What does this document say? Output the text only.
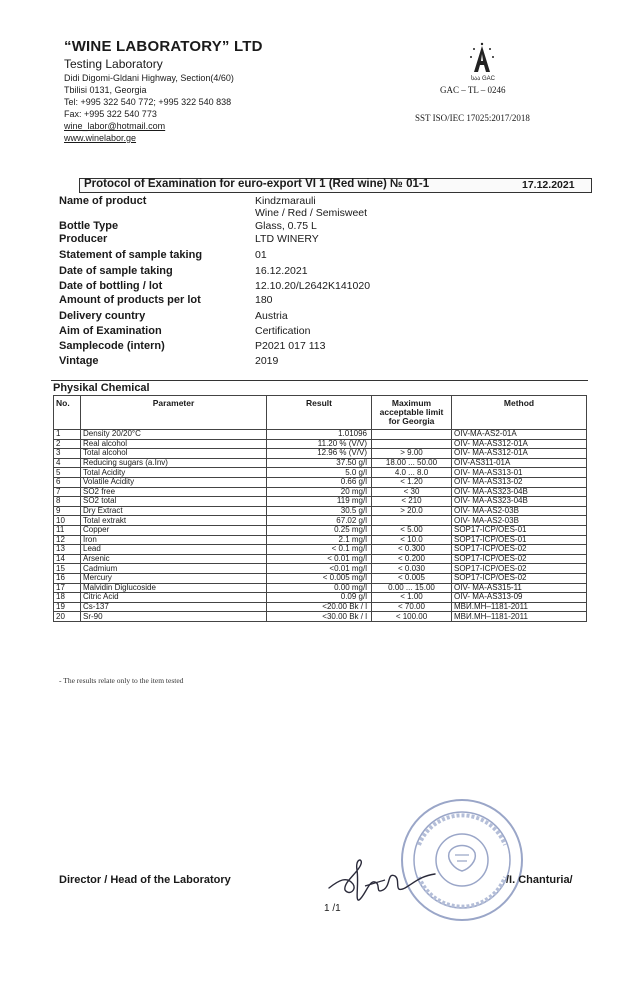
“WINE LABORATORY” LTD
Testing Laboratory
Didi Digomi-Gldani Highway, Section(4/60)
Tbilisi 0131, Georgia
Tel: +995 322 540 772; +995 322 540 838
Fax: +995 322 540 773
wine_labor@hotmail.com
www.winelabor.ge
საა GAC
GAC – TL – 0246
SST ISO/IEC 17025:2017/2018
Protocol of Examination for euro-export VI 1 (Red wine) № 01-1	17.12.2021
Name of product	Kindzmarauli
Wine / Red / Semisweet
Bottle Type	Glass, 0.75 L
Producer	LTD WINERY
Statement of sample taking	01
Date of sample taking	16.12.2021
Date of bottling / lot	12.10.20/L2642K141020
Amount of products per lot	180
Delivery country	Austria
Aim of Examination	Certification
Samplecode (intern)	P2021 017 113
Vintage	2019
Physikal Chemical
No.	Parameter	Result	Maximum acceptable limit for Georgia	Method
1	Density 20/20°C	1.01096		OIV-MA-AS2-01A
2	Real alcohol	11.20 % (V/V)		OIV- MA-AS312-01A
3	Total alcohol	12.96 % (V/V)	> 9.00	OIV- MA-AS312-01A
4	Reducing sugars (a.Inv)	37.50 g/l	18.00 ... 50.00	OIV-AS311-01A
5	Total Acidity	5.0 g/l	4.0 ... 8.0	OIV- MA-AS313-01
6	Volatile Acidity	0.66 g/l	< 1.20	OIV- MA-AS313-02
7	SO2 free	20 mg/l	< 30	OIV- MA-AS323-04B
8	SO2 total	119 mg/l	< 210	OIV- MA-AS323-04B
9	Dry Extract	30.5 g/l	> 20.0	OIV- MA-AS2-03B
10	Total extrakt	67.02 g/l		OIV- MA-AS2-03B
11	Copper	0.25 mg/l	< 5.00	SOP17-ICP/OES-01
12	Iron	2.1 mg/l	< 10.0	SOP17-ICP/OES-01
13	Lead	< 0.1 mg/l	< 0.300	SOP17-ICP/OES-02
14	Arsenic	< 0.01 mg/l	< 0.200	SOP17-ICP/OES-02
15	Cadmium	<0.01 mg/l	< 0.030	SOP17-ICP/OES-02
16	Mercury	< 0.005 mg/l	< 0.005	SOP17-ICP/OES-02
17	Malvidin Diglucoside	0.00 mg/l	0.00 ... 15.00	OIV- MA-AS315-11
18	Citric Acid	0.09 g/l	< 1.00	OIV- MA-AS313-09
19	Cs-137	<20.00 Bk / l	< 70.00	МВИ.МН–1181-2011
20	Sr-90	<30.00 Bk / l	< 100.00	МВИ.МН–1181-2011
- The results relate only to the item tested
Director / Head of the Laboratory	/I. Chanturia/
1 /1
